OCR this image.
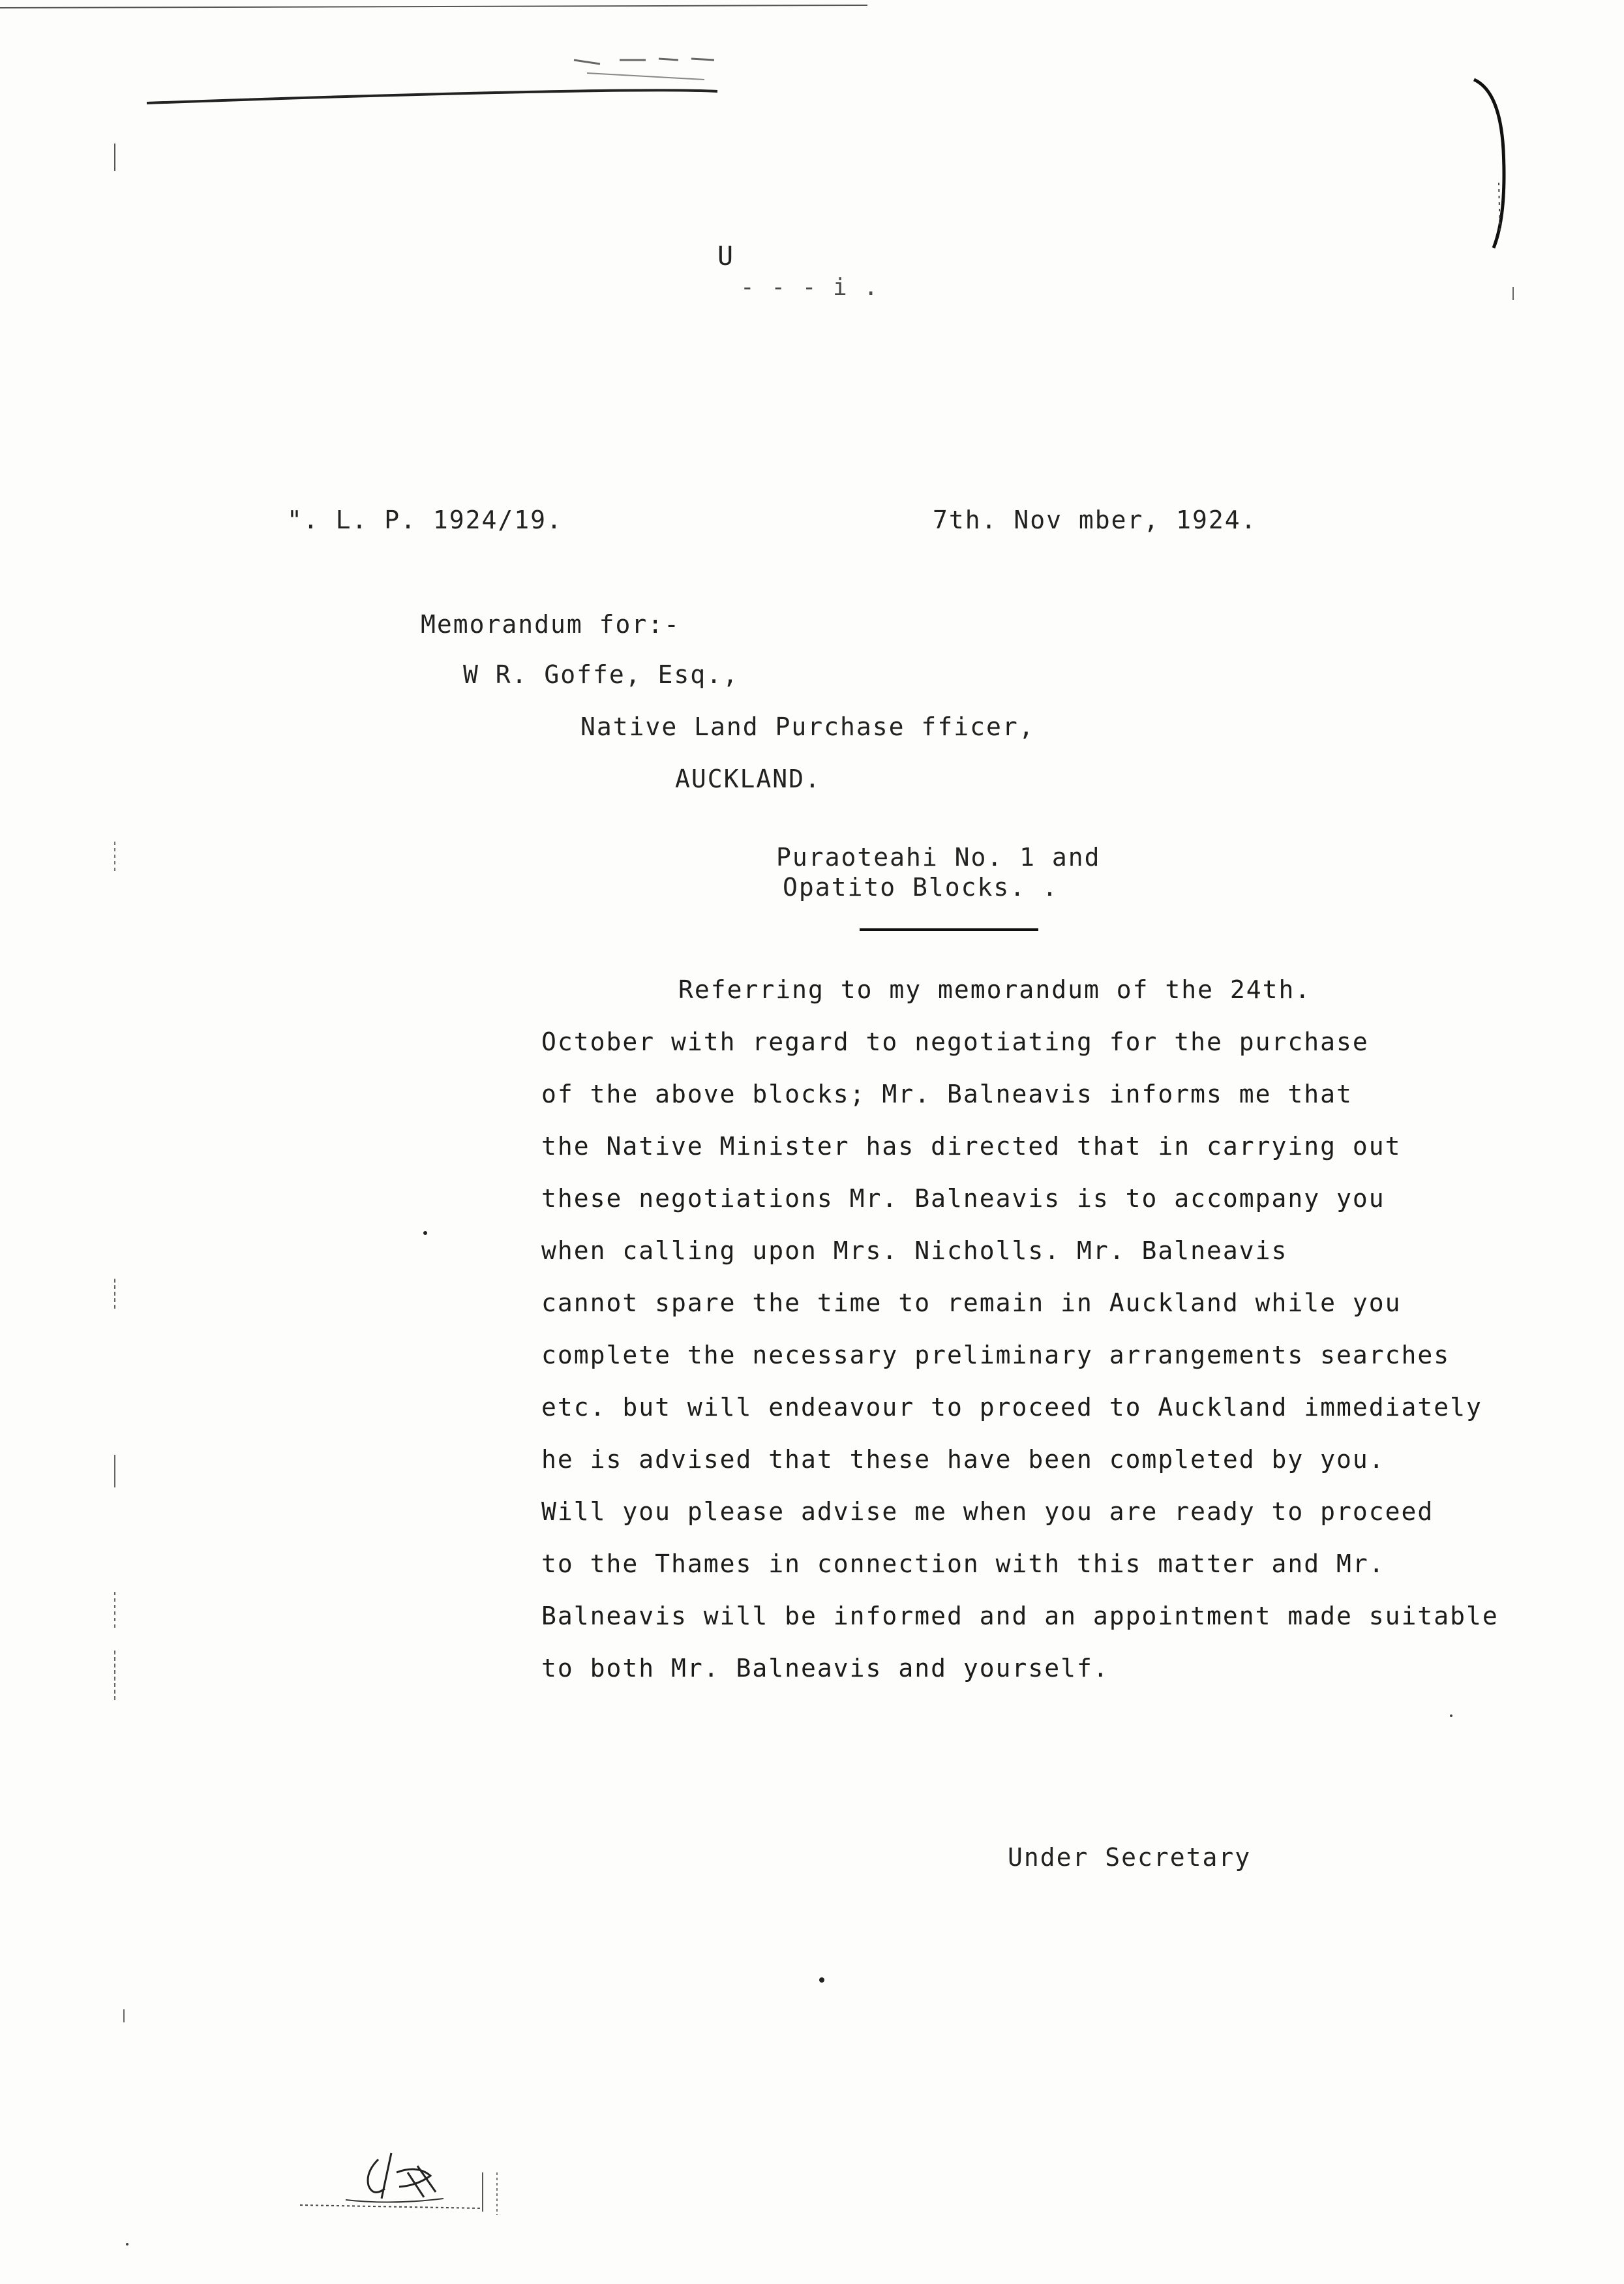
U
- - - i .
". L. P. 1924/19.	7th. Nov mber, 1924.
Memorandum for:-
W R. Goffe, Esq.,
Native Land Purchase fficer,
AUCKLAND.
Puraoteahi No. 1 and
Opatito Blocks. .
Referring to my memorandum of the 24th.
October with regard to negotiating for the purchase
of the above blocks; Mr. Balneavis informs me that
the Native Minister has directed that in carrying out
these negotiations Mr. Balneavis is to accompany you
when calling upon Mrs. Nicholls. Mr. Balneavis
cannot spare the time to remain in Auckland while you
complete the necessary preliminary arrangements searches
etc. but will endeavour to proceed to Auckland immediately
he is advised that these have been completed by you.
Will you please advise me when you are ready to proceed
to the Thames in connection with this matter and Mr.
Balneavis will be informed and an appointment made suitable
to both Mr. Balneavis and yourself.
Under Secretary
